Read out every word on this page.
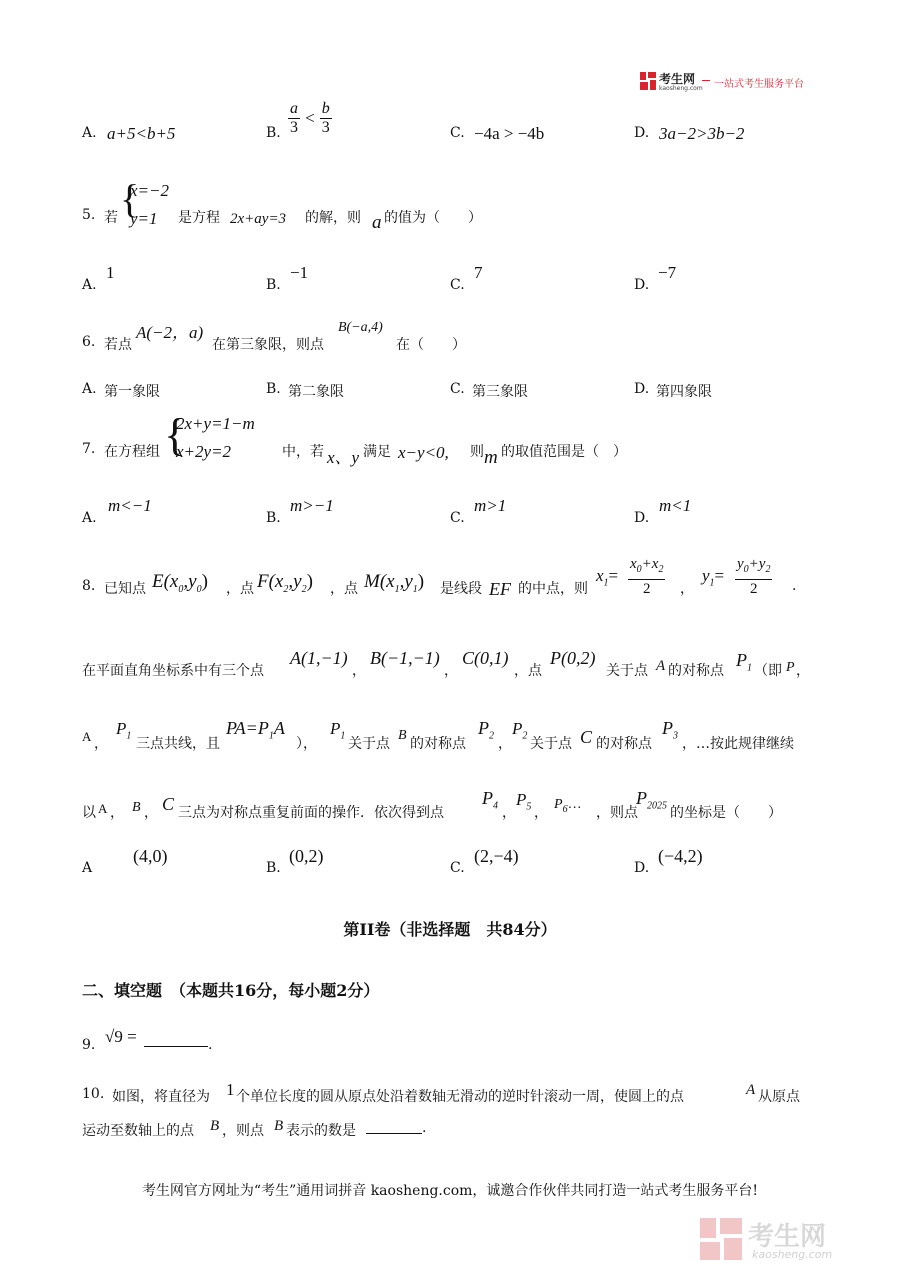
考生网
kaosheng.com 一站式考生服务平台
A. a+5<b+5	B. $\frac{a}{3} < \frac{b}{3}$	C. −4a > −4b	D. 3a−2>3b−2
5. 若 {
x=−2
y=1 是方程 2x+ay=3 的解，则 a 的值为（　　）
A.
1
B.
−1
C.
7
D.
−7
6. 若点
A(−2，a)
在第三象限，则点
B(−a,4)
在（　　）
A. 第一象限	B. 第二象限	C. 第三象限	D. 第四象限
7. 在方程组 {
2x+y=1−m
x+2y=2	中，若 x、y 满足 x−y<0, 则 m 的取值范围是（　）
A.
m<−1
B.
m>−1
C.
m>1
D.
m<1
8. 已知点 $E(x_0,y_0)$ ，点 $F(x_2,y_2)$ ，点 $M(x_1,y_1)$ 是线段 EF 的中点，则
$x_1= \frac{x_0+x_2}{2}$ ，
$y_1= \frac{y_0+y_2}{2}$ .
在平面直角坐标系中有三个点
A(1,−1)
，
B(−1,−1)
，
C(0,1)
，点
P(0,2)
关于点 A 的对称点
$P_1$ （即 P ，
A ，
$P_1$
三点共线，且
$PA=P_1A$
），
$P_1$
关于点
B
的对称点
$P_2$ ，
$P_2$
关于点 C 的对称点
$P_3$ ，…按此规律继续
以 A ， B ， C 三点为对称点重复前面的操作．依次得到点
$P_4$ ，
$P_5$ ，
$P_6\dots$
，则点
$P_{2025}$ 的坐标是（　　）
A
(4,0)
B.
(0,2)
C.
(2,−4)
D.
(−4,2)
第II卷（非选择题　共84分）
二、填空题　（本题共16分，每小题2分）
9. √9 =	.
10. 如图，将直径为 1 个单位长度的圆从原点处沿着数轴无滑动的逆时针滚动一周，使圆上的点	A 从原点
运动至数轴上的点 B ，则点 B 表示的数是	.
考生网官方网址为“考生”通用词拼音 kaosheng.com，诚邀合作伙伴共同打造一站式考生服务平台!
考生网
kaosheng.com
